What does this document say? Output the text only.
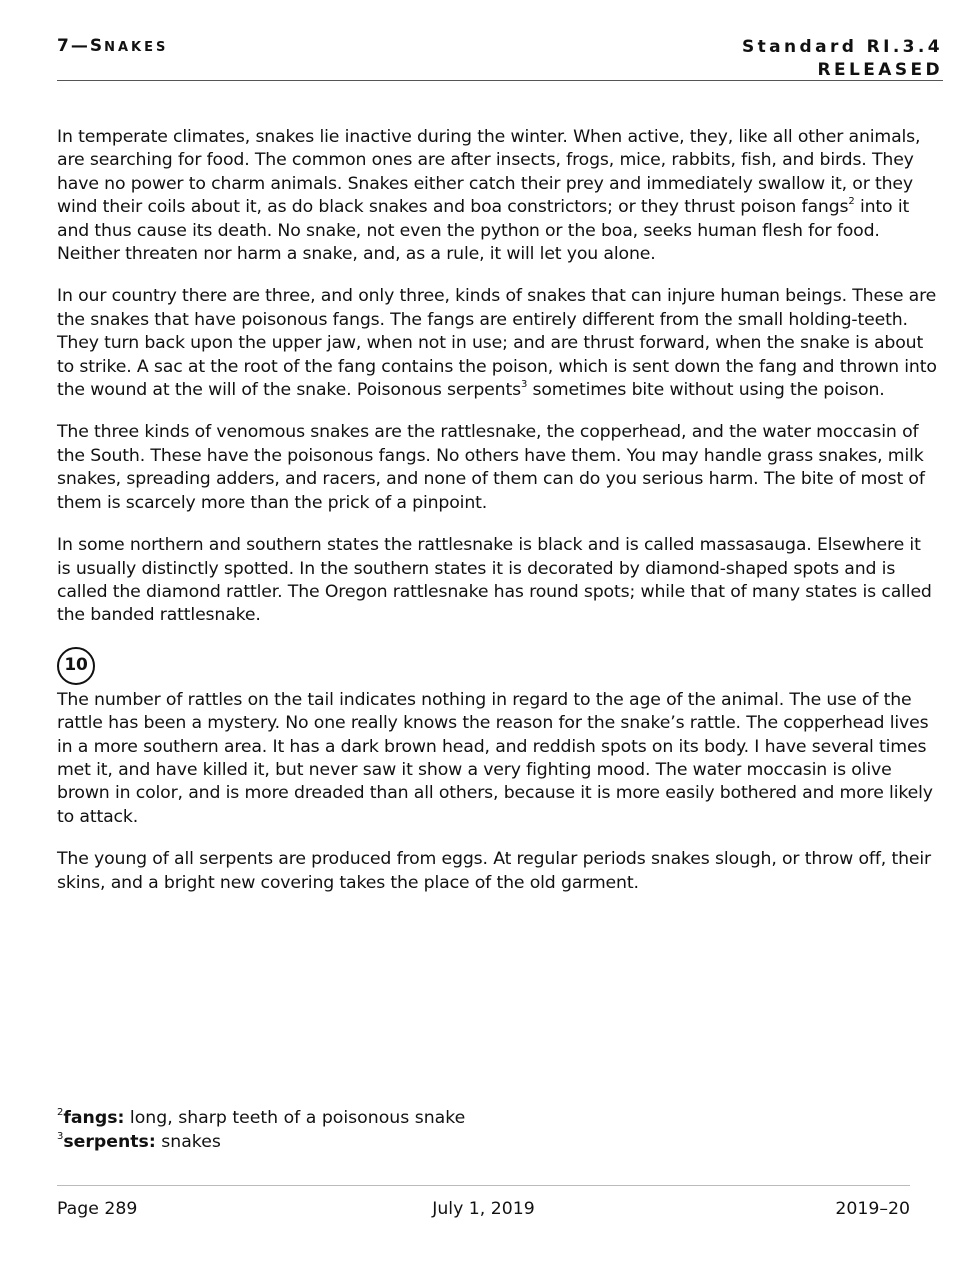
7—SNAKES	Standard RI.3.4
RELEASED

In temperate climates, snakes lie inactive during the winter. When active, they, like all other animals, are searching for food. The common ones are after insects, frogs, mice, rabbits, fish, and birds. They have no power to charm animals. Snakes either catch their prey and immediately swallow it, or they wind their coils about it, as do black snakes and boa constrictors; or they thrust poison fangs$^2$ into it and thus cause its death. No snake, not even the python or the boa, seeks human flesh for food. Neither threaten nor harm a snake, and, as a rule, it will let you alone.

In our country there are three, and only three, kinds of snakes that can injure human beings. These are the snakes that have poisonous fangs. The fangs are entirely different from the small holding-teeth. They turn back upon the upper jaw, when not in use; and are thrust forward, when the snake is about to strike. A sac at the root of the fang contains the poison, which is sent down the fang and thrown into the wound at the will of the snake. Poisonous serpents$^3$ sometimes bite without using the poison.

The three kinds of venomous snakes are the rattlesnake, the copperhead, and the water moccasin of the South. These have the poisonous fangs. No others have them. You may handle grass snakes, milk snakes, spreading adders, and racers, and none of them can do you serious harm. The bite of most of them is scarcely more than the prick of a pinpoint.

In some northern and southern states the rattlesnake is black and is called massasauga. Elsewhere it is usually distinctly spotted. In the southern states it is decorated by diamond-shaped spots and is called the diamond rattler. The Oregon rattlesnake has round spots; while that of many states is called the banded rattlesnake.

10

The number of rattles on the tail indicates nothing in regard to the age of the animal. The use of the rattle has been a mystery. No one really knows the reason for the snake’s rattle. The copperhead lives in a more southern area. It has a dark brown head, and reddish spots on its body. I have several times met it, and have killed it, but never saw it show a very fighting mood. The water moccasin is olive brown in color, and is more dreaded than all others, because it is more easily bothered and more likely to attack.

The young of all serpents are produced from eggs. At regular periods snakes slough, or throw off, their skins, and a bright new covering takes the place of the old garment.

$^2$fangs: long, sharp teeth of a poisonous snake
$^3$serpents: snakes
Page 289	July 1, 2019	2019–20
